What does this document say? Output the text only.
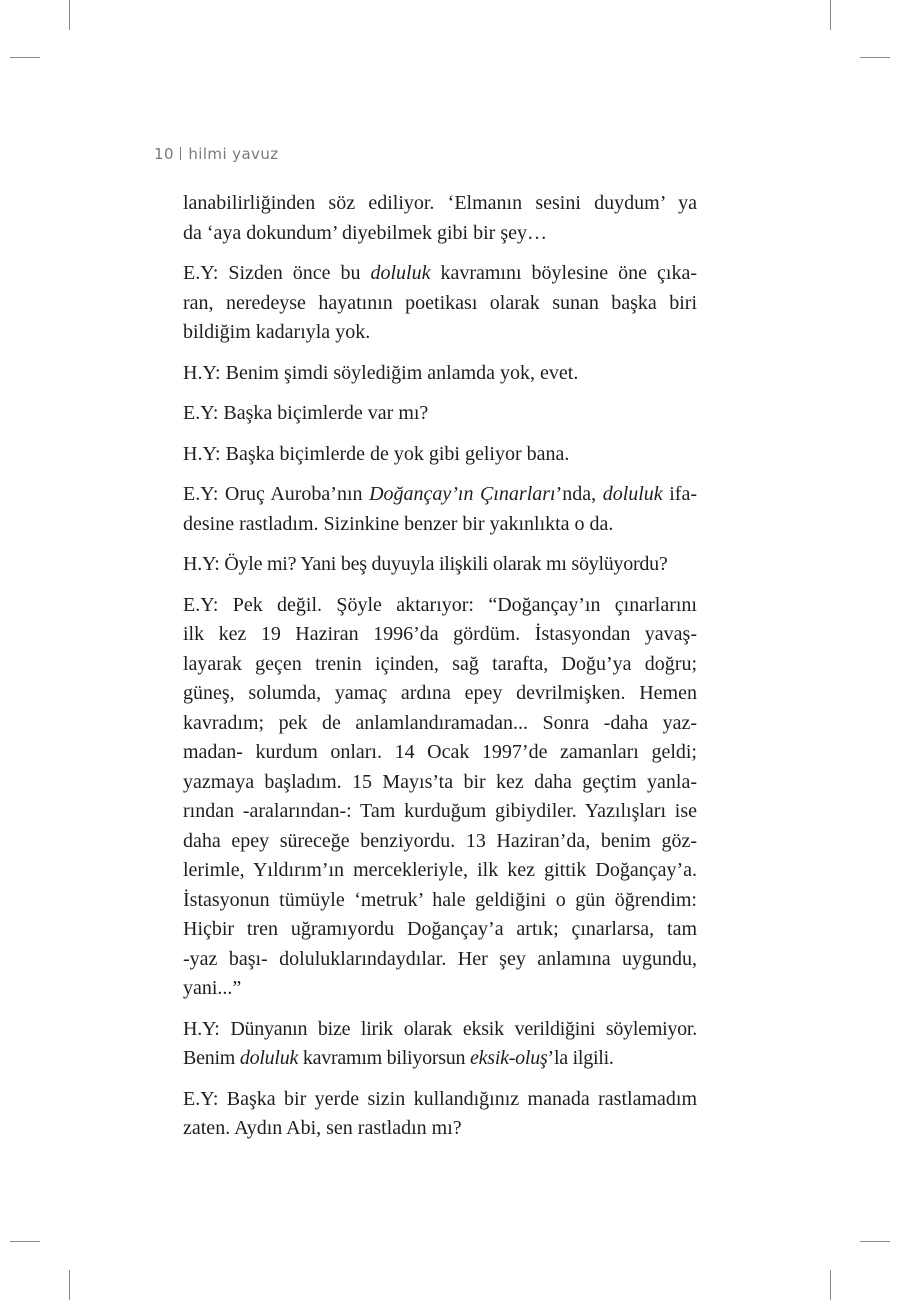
10 hilmi yavuz

lanabilirliğinden söz ediliyor. ‘Elmanın sesini duydum’ ya
da ‘aya dokundum’ diyebilmek gibi bir şey…

E.Y: Sizden önce bu doluluk kavramını böylesine öne çıka-
ran, neredeyse hayatının poetikası olarak sunan başka biri
bildiğim kadarıyla yok.

H.Y: Benim şimdi söylediğim anlamda yok, evet.

E.Y: Başka biçimlerde var mı?

H.Y: Başka biçimlerde de yok gibi geliyor bana.

E.Y: Oruç Auroba’nın Doğançay’ın Çınarları’nda, doluluk ifa-
desine rastladım. Sizinkine benzer bir yakınlıkta o da.

H.Y: Öyle mi? Yani beş duyuyla ilişkili olarak mı söylüyordu?

E.Y: Pek değil. Şöyle aktarıyor: “Doğançay’ın çınarlarını
ilk kez 19 Haziran 1996’da gördüm. İstasyondan yavaş-
layarak geçen trenin içinden, sağ tarafta, Doğu’ya doğru;
güneş, solumda, yamaç ardına epey devrilmişken. Hemen
kavradım; pek de anlamlandıramadan... Sonra -daha yaz-
madan- kurdum onları. 14 Ocak 1997’de zamanları geldi;
yazmaya başladım. 15 Mayıs’ta bir kez daha geçtim yanla-
rından -aralarından-: Tam kurduğum gibiydiler. Yazılışları ise
daha epey süreceğe benziyordu. 13 Haziran’da, benim göz-
lerimle, Yıldırım’ın mercekleriyle, ilk kez gittik Doğançay’a.
İstasyonun tümüyle ‘metruk’ hale geldiğini o gün öğrendim:
Hiçbir tren uğramıyordu Doğançay’a artık; çınarlarsa, tam
-yaz başı- doluluklarındaydılar. Her şey anlamına uygundu,
yani...”

H.Y: Dünyanın bize lirik olarak eksik verildiğini söylemiyor.
Benim doluluk kavramım biliyorsun eksik-oluş’la ilgili.

E.Y: Başka bir yerde sizin kullandığınız manada rastlamadım
zaten. Aydın Abi, sen rastladın mı?
